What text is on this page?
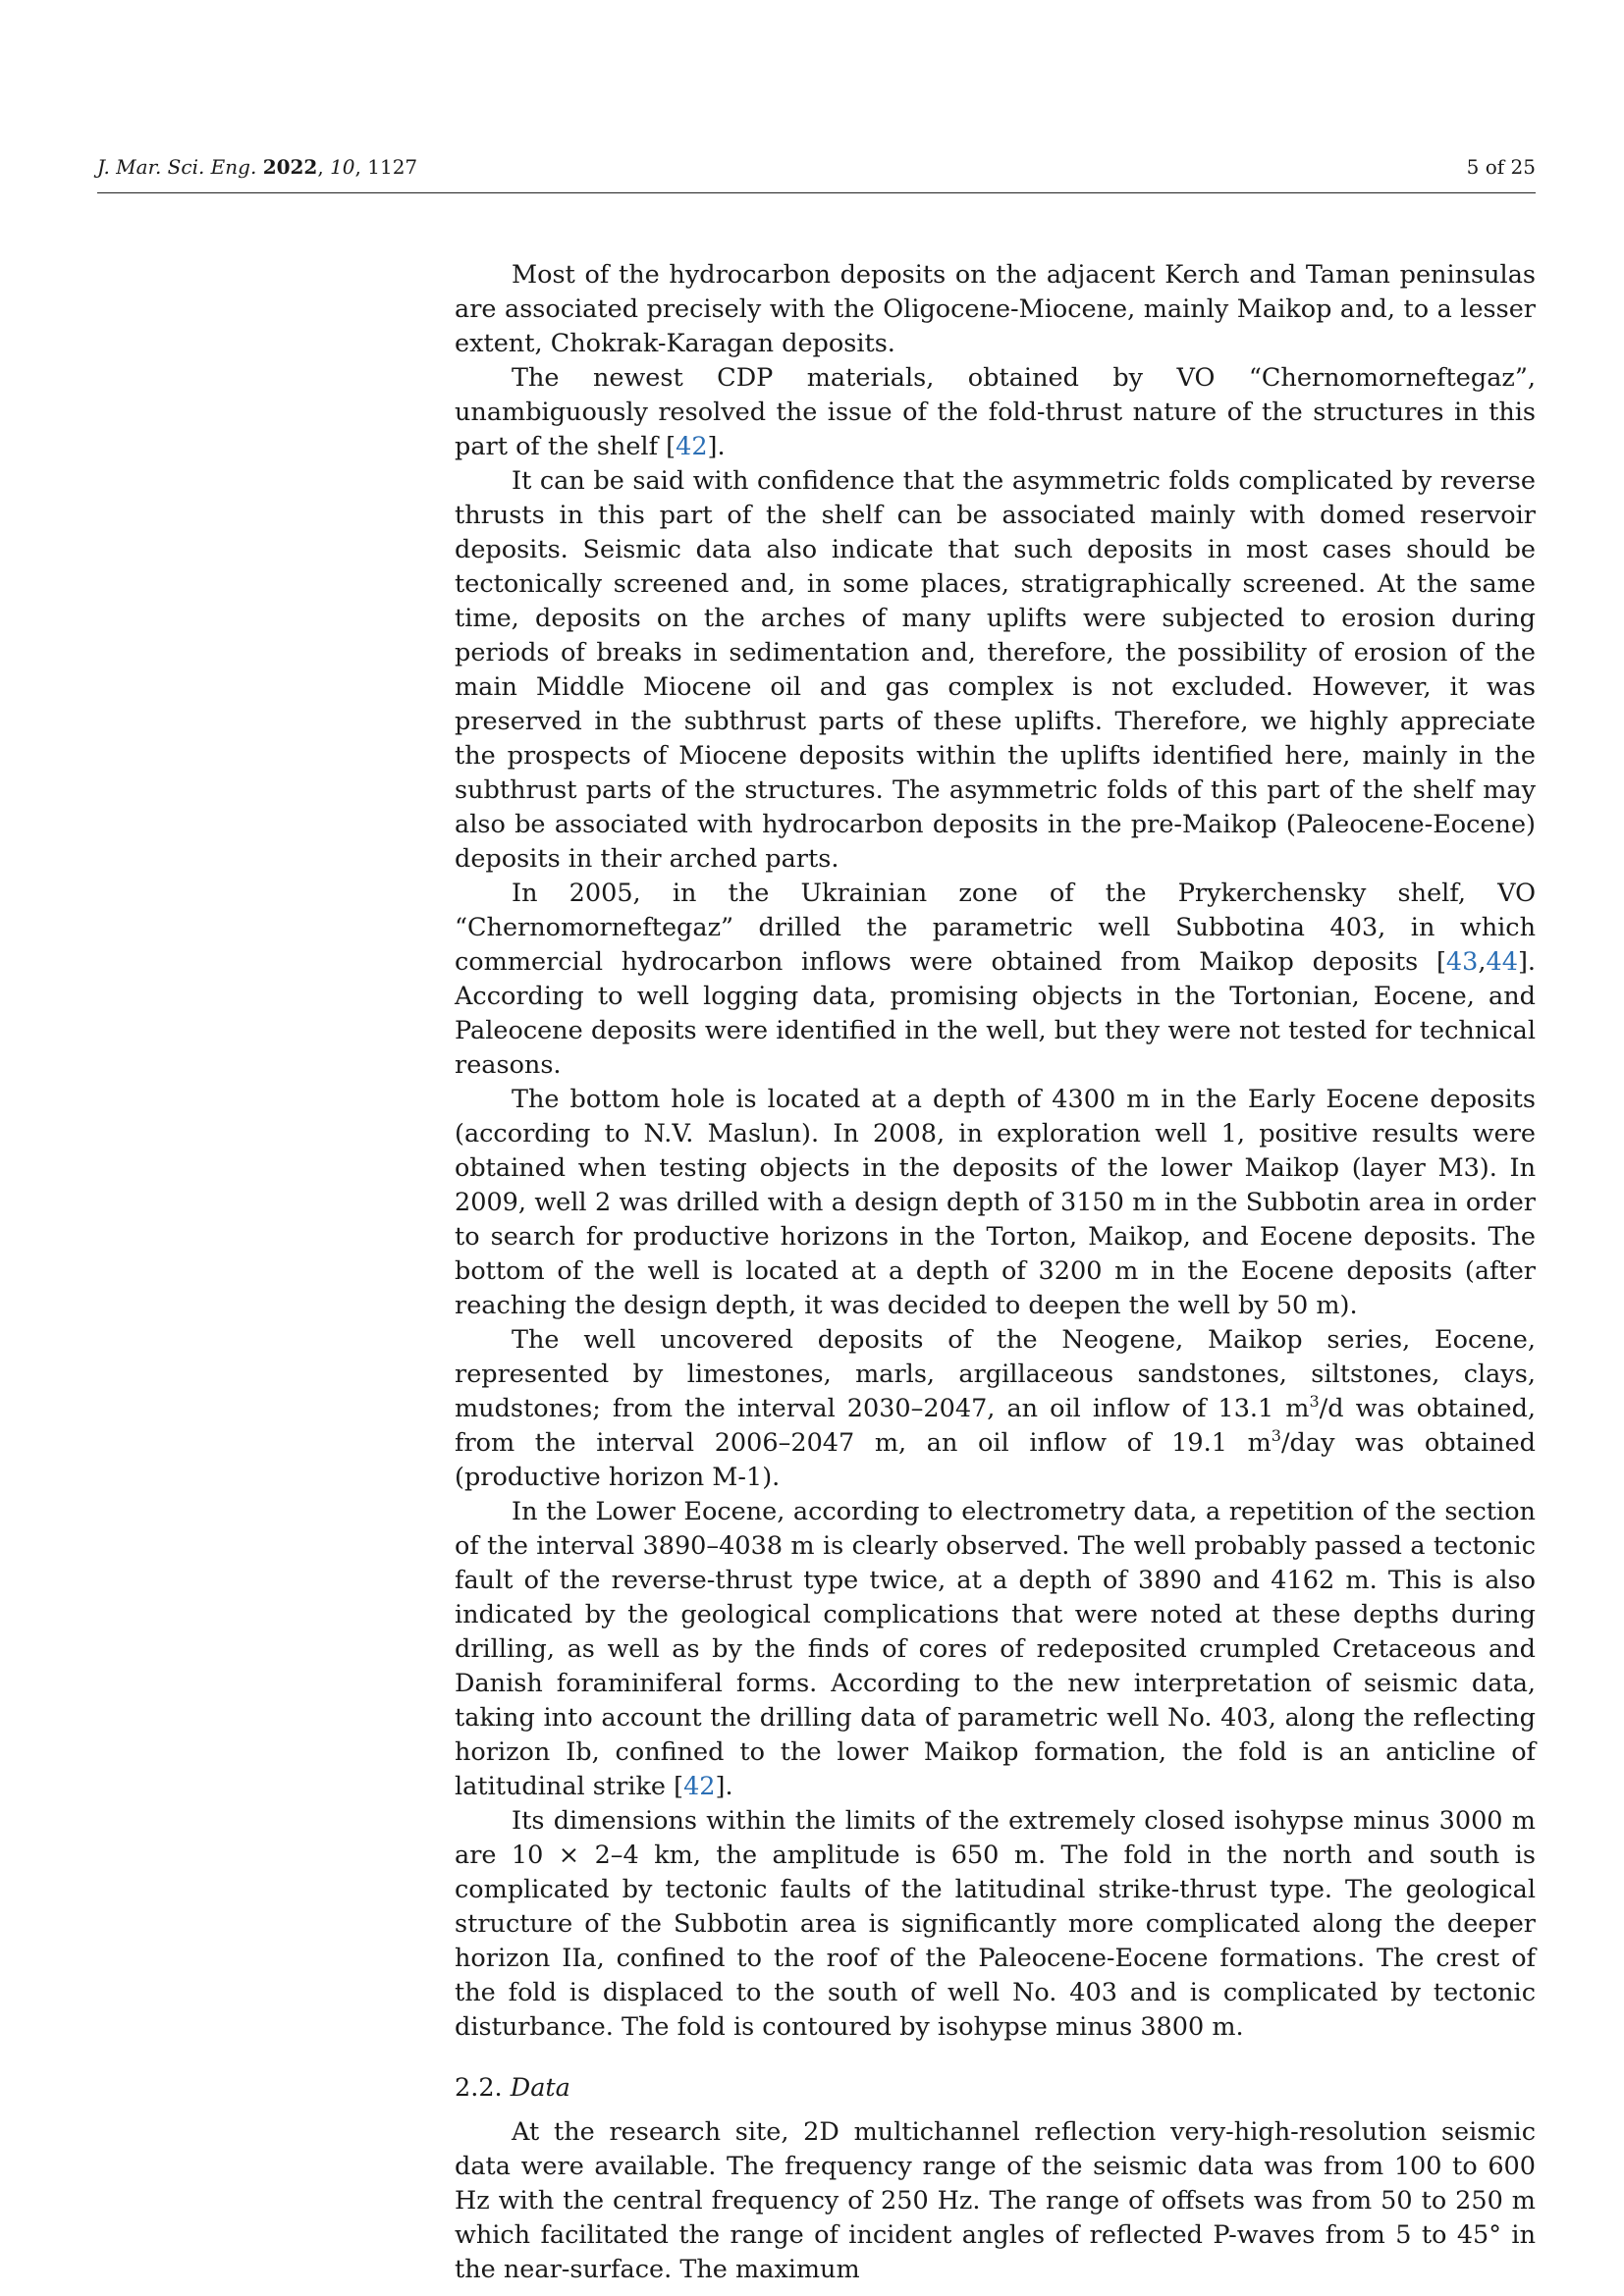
J. Mar. Sci. Eng. 2022, 10, 1127	5 of 25

Most of the hydrocarbon deposits on the adjacent Kerch and Taman peninsulas are associated precisely with the Oligocene-Miocene, mainly Maikop and, to a lesser extent, Chokrak-Karagan deposits.

The newest CDP materials, obtained by VO “Chernomorneftegaz”, unambiguously resolved the issue of the fold-thrust nature of the structures in this part of the shelf [42].

It can be said with confidence that the asymmetric folds complicated by reverse thrusts in this part of the shelf can be associated mainly with domed reservoir deposits. Seismic data also indicate that such deposits in most cases should be tectonically screened and, in some places, stratigraphically screened. At the same time, deposits on the arches of many uplifts were subjected to erosion during periods of breaks in sedimentation and, therefore, the possibility of erosion of the main Middle Miocene oil and gas complex is not excluded. However, it was preserved in the subthrust parts of these uplifts. Therefore, we highly appreciate the prospects of Miocene deposits within the uplifts identified here, mainly in the subthrust parts of the structures. The asymmetric folds of this part of the shelf may also be associated with hydrocarbon deposits in the pre-Maikop (Paleocene-Eocene) deposits in their arched parts.

In 2005, in the Ukrainian zone of the Prykerchensky shelf, VO “Chernomorneftegaz” drilled the parametric well Subbotina 403, in which commercial hydrocarbon inflows were obtained from Maikop deposits [43,44]. According to well logging data, promising objects in the Tortonian, Eocene, and Paleocene deposits were identified in the well, but they were not tested for technical reasons.

The bottom hole is located at a depth of 4300 m in the Early Eocene deposits (according to N.V. Maslun). In 2008, in exploration well 1, positive results were obtained when testing objects in the deposits of the lower Maikop (layer M3). In 2009, well 2 was drilled with a design depth of 3150 m in the Subbotin area in order to search for productive horizons in the Torton, Maikop, and Eocene deposits. The bottom of the well is located at a depth of 3200 m in the Eocene deposits (after reaching the design depth, it was decided to deepen the well by 50 m).

The well uncovered deposits of the Neogene, Maikop series, Eocene, represented by limestones, marls, argillaceous sandstones, siltstones, clays, mudstones; from the interval 2030–2047, an oil inflow of 13.1 $m^3/d$ was obtained, from the interval 2006–2047 m, an oil inflow of 19.1 $m^3$/day was obtained (productive horizon M-1).

In the Lower Eocene, according to electrometry data, a repetition of the section of the interval 3890–4038 m is clearly observed. The well probably passed a tectonic fault of the reverse-thrust type twice, at a depth of 3890 and 4162 m. This is also indicated by the geological complications that were noted at these depths during drilling, as well as by the finds of cores of redeposited crumpled Cretaceous and Danish foraminiferal forms. According to the new interpretation of seismic data, taking into account the drilling data of parametric well No. 403, along the reflecting horizon Ib, confined to the lower Maikop formation, the fold is an anticline of latitudinal strike [42].

Its dimensions within the limits of the extremely closed isohypse minus 3000 m are 10 × 2–4 km, the amplitude is 650 m. The fold in the north and south is complicated by tectonic faults of the latitudinal strike-thrust type. The geological structure of the Subbotin area is significantly more complicated along the deeper horizon IIa, confined to the roof of the Paleocene-Eocene formations. The crest of the fold is displaced to the south of well No. 403 and is complicated by tectonic disturbance. The fold is contoured by isohypse minus 3800 m.

2.2. Data

At the research site, 2D multichannel reflection very-high-resolution seismic data were available. The frequency range of the seismic data was from 100 to 600 Hz with the central frequency of 250 Hz. The range of offsets was from 50 to 250 m which facilitated the range of incident angles of reflected P-waves from 5 to 45° in the near-surface. The maximum
